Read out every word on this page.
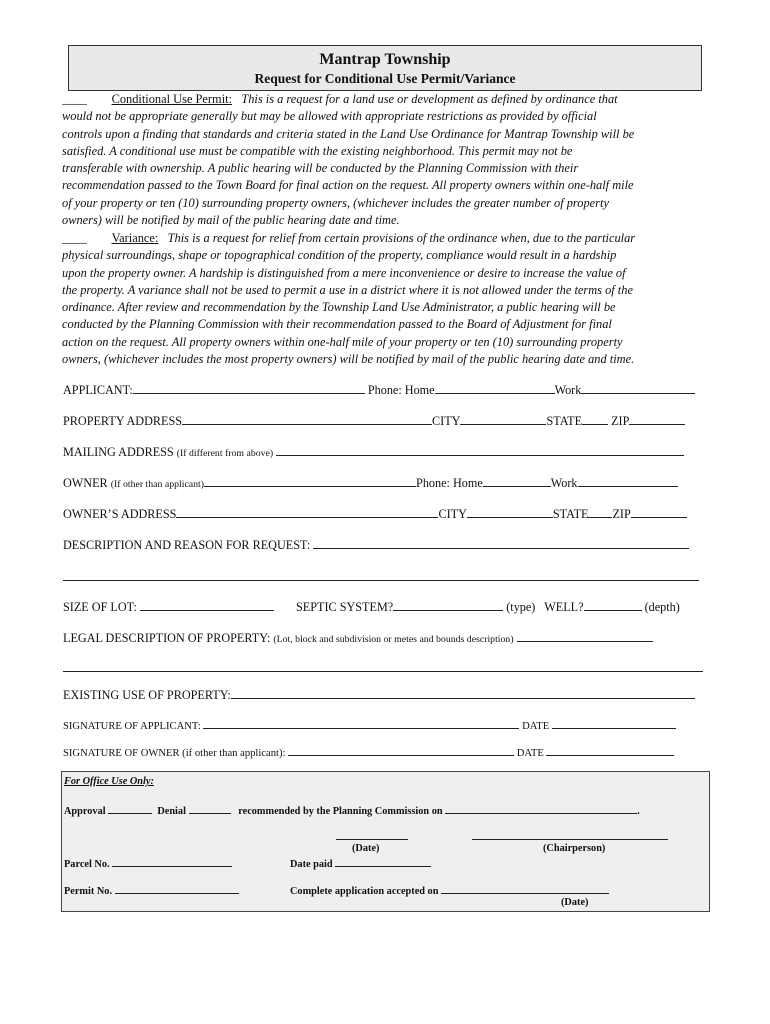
Mantrap Township
Request for Conditional Use Permit/Variance
____ Conditional Use Permit: This is a request for a land use or development as defined by ordinance that
would not be appropriate generally but may be allowed with appropriate restrictions as provided by official
controls upon a finding that standards and criteria stated in the Land Use Ordinance for Mantrap Township will be
satisfied. A conditional use must be compatible with the existing neighborhood. This permit may not be
transferable with ownership. A public hearing will be conducted by the Planning Commission with their
recommendation passed to the Town Board for final action on the request. All property owners within one-half mile
of your property or ten (10) surrounding property owners, (whichever includes the greater number of property
owners) will be notified by mail of the public hearing date and time.
____ Variance: This is a request for relief from certain provisions of the ordinance when, due to the particular
physical surroundings, shape or topographical condition of the property, compliance would result in a hardship
upon the property owner. A hardship is distinguished from a mere inconvenience or desire to increase the value of
the property. A variance shall not be used to permit a use in a district where it is not allowed under the terms of the
ordinance. After review and recommendation by the Township Land Use Administrator, a public hearing will be
conducted by the Planning Commission with their recommendation passed to the Board of Adjustment for final
action on the request. All property owners within one-half mile of your property or ten (10) surrounding property
owners, (whichever includes the most property owners) will be notified by mail of the public hearing date and time.
APPLICANT:	Phone: Home	Work
PROPERTY ADDRESS	CITY	STATE ZIP
MAILING ADDRESS (If different from above)
OWNER (If other than applicant)	Phone: Home	Work
OWNER’S ADDRESS	CITY	STATE ZIP
DESCRIPTION AND REASON FOR REQUEST:
SIZE OF LOT:	SEPTIC SYSTEM?	(type) WELL?	(depth)
LEGAL DESCRIPTION OF PROPERTY: (Lot, block and subdivision or metes and bounds description)
EXISTING USE OF PROPERTY:
SIGNATURE OF APPLICANT:	DATE
SIGNATURE OF OWNER (if other than applicant):	DATE
For Office Use Only:
Approval	Denial	recommended by the Planning Commission on	.
(Date)	(Chairperson)
Parcel No.	Date paid
Permit No.	Complete application accepted on
(Date)
